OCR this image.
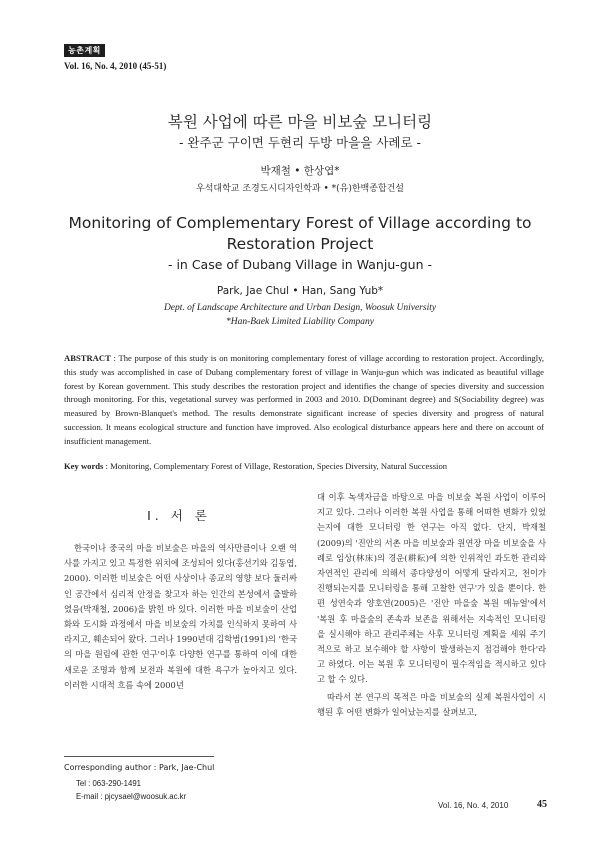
농촌계획
Vol. 16, No. 4, 2010 (45-51)
복원 사업에 따른 마을 비보숲 모니터링
- 완주군 구이면 두현리 두방 마을을 사례로 -
박재철 • 한상엽*
우석대학교 조경도시디자인학과 • *(유)한백종합건설
Monitoring of Complementary Forest of Village according to
Restoration Project
- in Case of Dubang Village in Wanju-gun -
Park, Jae Chul • Han, Sang Yub*
Dept. of Landscape Architecture and Urban Design, Woosuk University
*Han-Baek Limited Liability Company
ABSTRACT : The purpose of this study is on monitoring complementary forest of village according to restoration project. Accordingly, this study was accomplished in case of Dubang complementary forest of village in Wanju-gun which was indicated as beautiful village forest by Korean government. This study describes the restoration project and identifies the change of species diversity and succession through monitoring. For this, vegetational survey was performed in 2003 and 2010. D(Dominant degree) and S(Sociability degree) was measured by Brown-Blanquet's method. The results demonstrate significant increase of species diversity and progress of natural succession. It means ecological structure and function have improved. Also ecological disturbance appears here and there on account of insufficient management.
Key words : Monitoring, Complementary Forest of Village, Restoration, Species Diversity, Natural Succession
I. 서 론

한국이나 중국의 마을 비보숲은 마을의 역사만큼이나 오랜 역사를 가지고 있고 특정한 위치에 조성되어 있다(홍선기와 김동엽, 2000). 이러한 비보숲은 어떤 사상이나 종교의 영향 보다 둘러싸인 공간에서 심리적 안정을 찾고자 하는 인간의 본성에서 출발하였음(박재철, 2006)을 밝힌 바 있다. 이러한 마을 비보숲이 산업화와 도시화 과정에서 마을 비보숲의 가치를 인식하지 못하여 사라지고, 훼손되어 왔다. 그러나 1990년대 김학범(1991)의 '한국의 마을 원림에 관한 연구'이후 다양한 연구를 통하여 이에 대한 새로운 조명과 함께 보전과 복원에 대한 욕구가 높아지고 있다. 이러한 시대적 흐름 속에 2000년

대 이후 녹색자금을 바탕으로 마을 비보숲 복원 사업이 이루어지고 있다. 그러나 이러한 복원 사업을 통해 어떠한 변화가 있었는지에 대한 모니터링 한 연구는 아직 없다. 단지, 박재철(2009)의 '진안의 서촌 마을 비보숲과 원연장 마을 비보숲을 사례로 임상(林床)의 경운(耕耘)에 의한 인위적인 과도한 관리와 자연적인 관리에 의해서 종다양성이 어떻게 달라지고, 천이가 진행되는지를 모니터링을 통해 고찰한 연구'가 있을 뿐이다. 한편 성연숙과 양호연(2005)은 '진안 마을숲 복원 매뉴얼'에서 '복원 후 마을숲의 존속과 보존을 위해서는 지속적인 모니터링을 실시해야 하고 관리주체는 사후 모니터링 계획을 세워 주기적으로 하고 보수해야 할 사항이 발생하는지 점검해야 한다'라고 하였다. 이는 복원 후 모니터링이 필수적임을 적시하고 있다고 할 수 있다.

따라서 본 연구의 목적은 마을 비보숲의 실제 복원사업이 시행된 후 어떤 변화가 일어났는지를 살펴보고,

Corresponding author : Park, Jae-Chul
Tel : 063-290-1491
E-mail : pjcysael@woosuk.ac.kr
Vol. 16, No. 4, 2010	45
